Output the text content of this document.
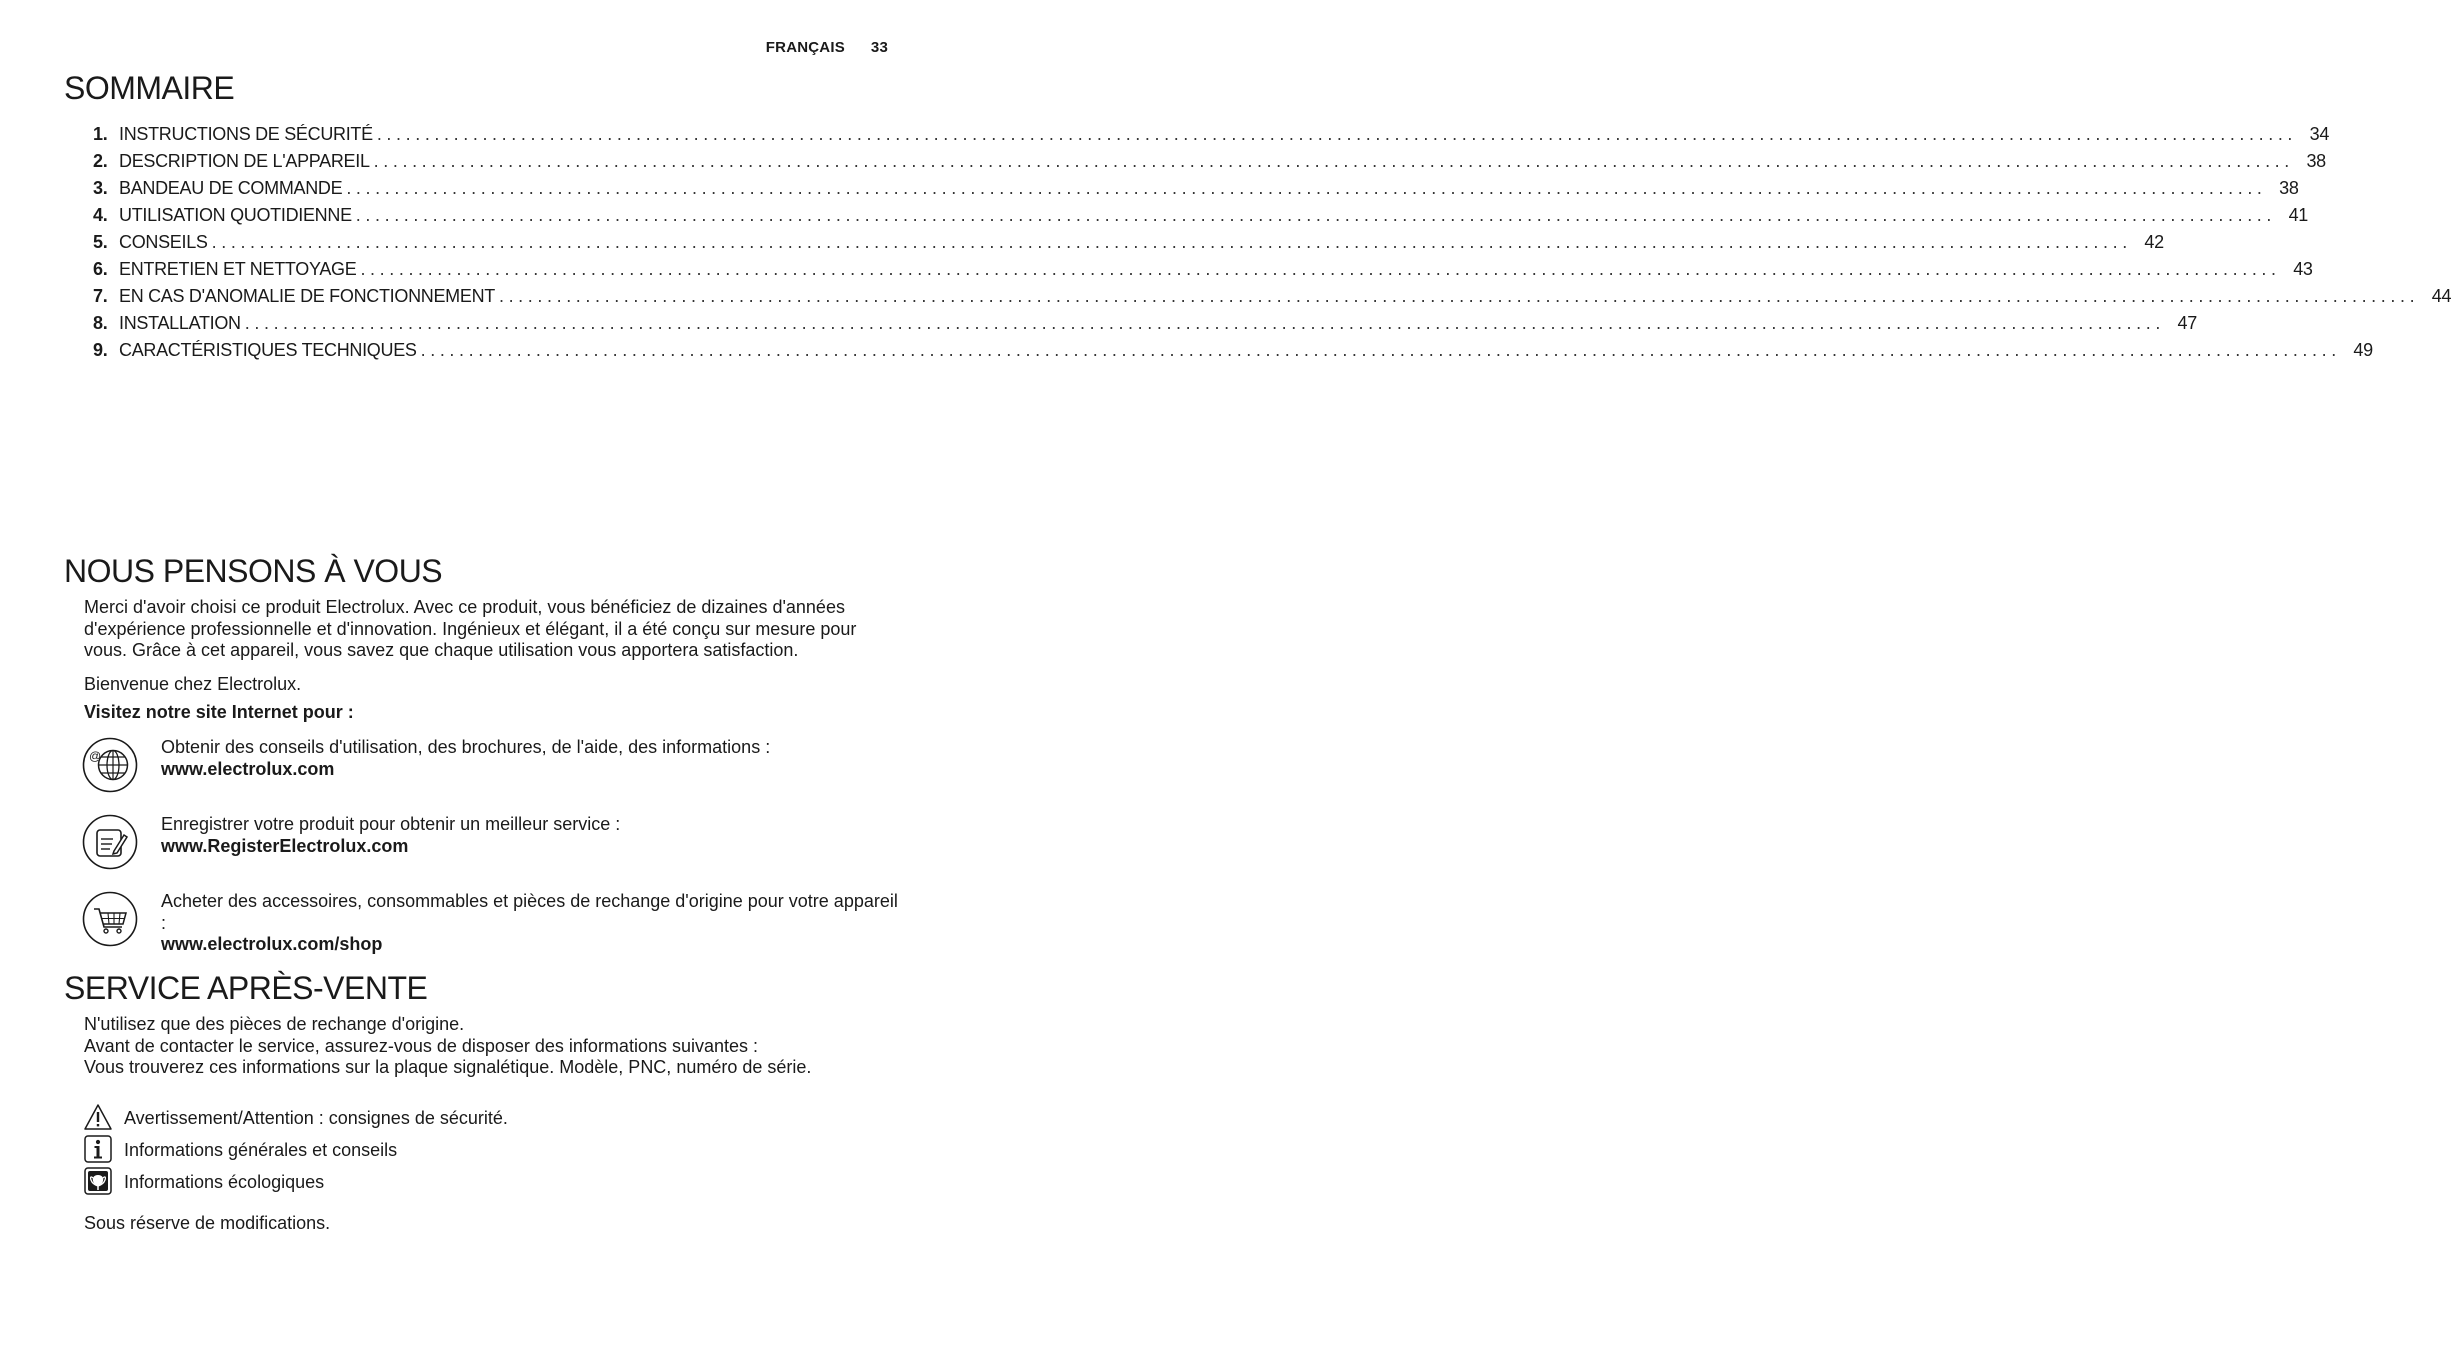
FRANÇAIS 33
SOMMAIRE
1. INSTRUCTIONS DE SÉCURITÉ ........................................................................................................................................................................................................ 34
2. DESCRIPTION DE L'APPAREIL ........................................................................................................................................................................................................ 38
3. BANDEAU DE COMMANDE ........................................................................................................................................................................................................ 38
4. UTILISATION QUOTIDIENNE ........................................................................................................................................................................................................ 41
5. CONSEILS ........................................................................................................................................................................................................ 42
6. ENTRETIEN ET NETTOYAGE ........................................................................................................................................................................................................ 43
7. EN CAS D'ANOMALIE DE FONCTIONNEMENT ........................................................................................................................................................................................................ 44
8. INSTALLATION ........................................................................................................................................................................................................ 47
9. CARACTÉRISTIQUES TECHNIQUES ........................................................................................................................................................................................................ 49
NOUS PENSONS À VOUS

Merci d'avoir choisi ce produit Electrolux. Avec ce produit, vous bénéficiez de dizaines d'années d'expérience professionnelle et d'innovation. Ingénieux et élégant, il a été conçu sur mesure pour vous. Grâce à cet appareil, vous savez que chaque utilisation vous apportera satisfaction.

Bienvenue chez Electrolux.

Visitez notre site Internet pour :

@	Obtenir des conseils d'utilisation, des brochures, de l'aide, des informations :
www.electrolux.com
Enregistrer votre produit pour obtenir un meilleur service :
www.RegisterElectrolux.com
Acheter des accessoires, consommables et pièces de rechange d'origine pour votre appareil :
www.electrolux.com/shop
SERVICE APRÈS-VENTE

N'utilisez que des pièces de rechange d'origine.

Avant de contacter le service, assurez-vous de disposer des informations suivantes :

Vous trouverez ces informations sur la plaque signalétique. Modèle, PNC, numéro de série.

Avertissement/Attention : consignes de sécurité.
Informations générales et conseils
Informations écologiques

Sous réserve de modifications.
